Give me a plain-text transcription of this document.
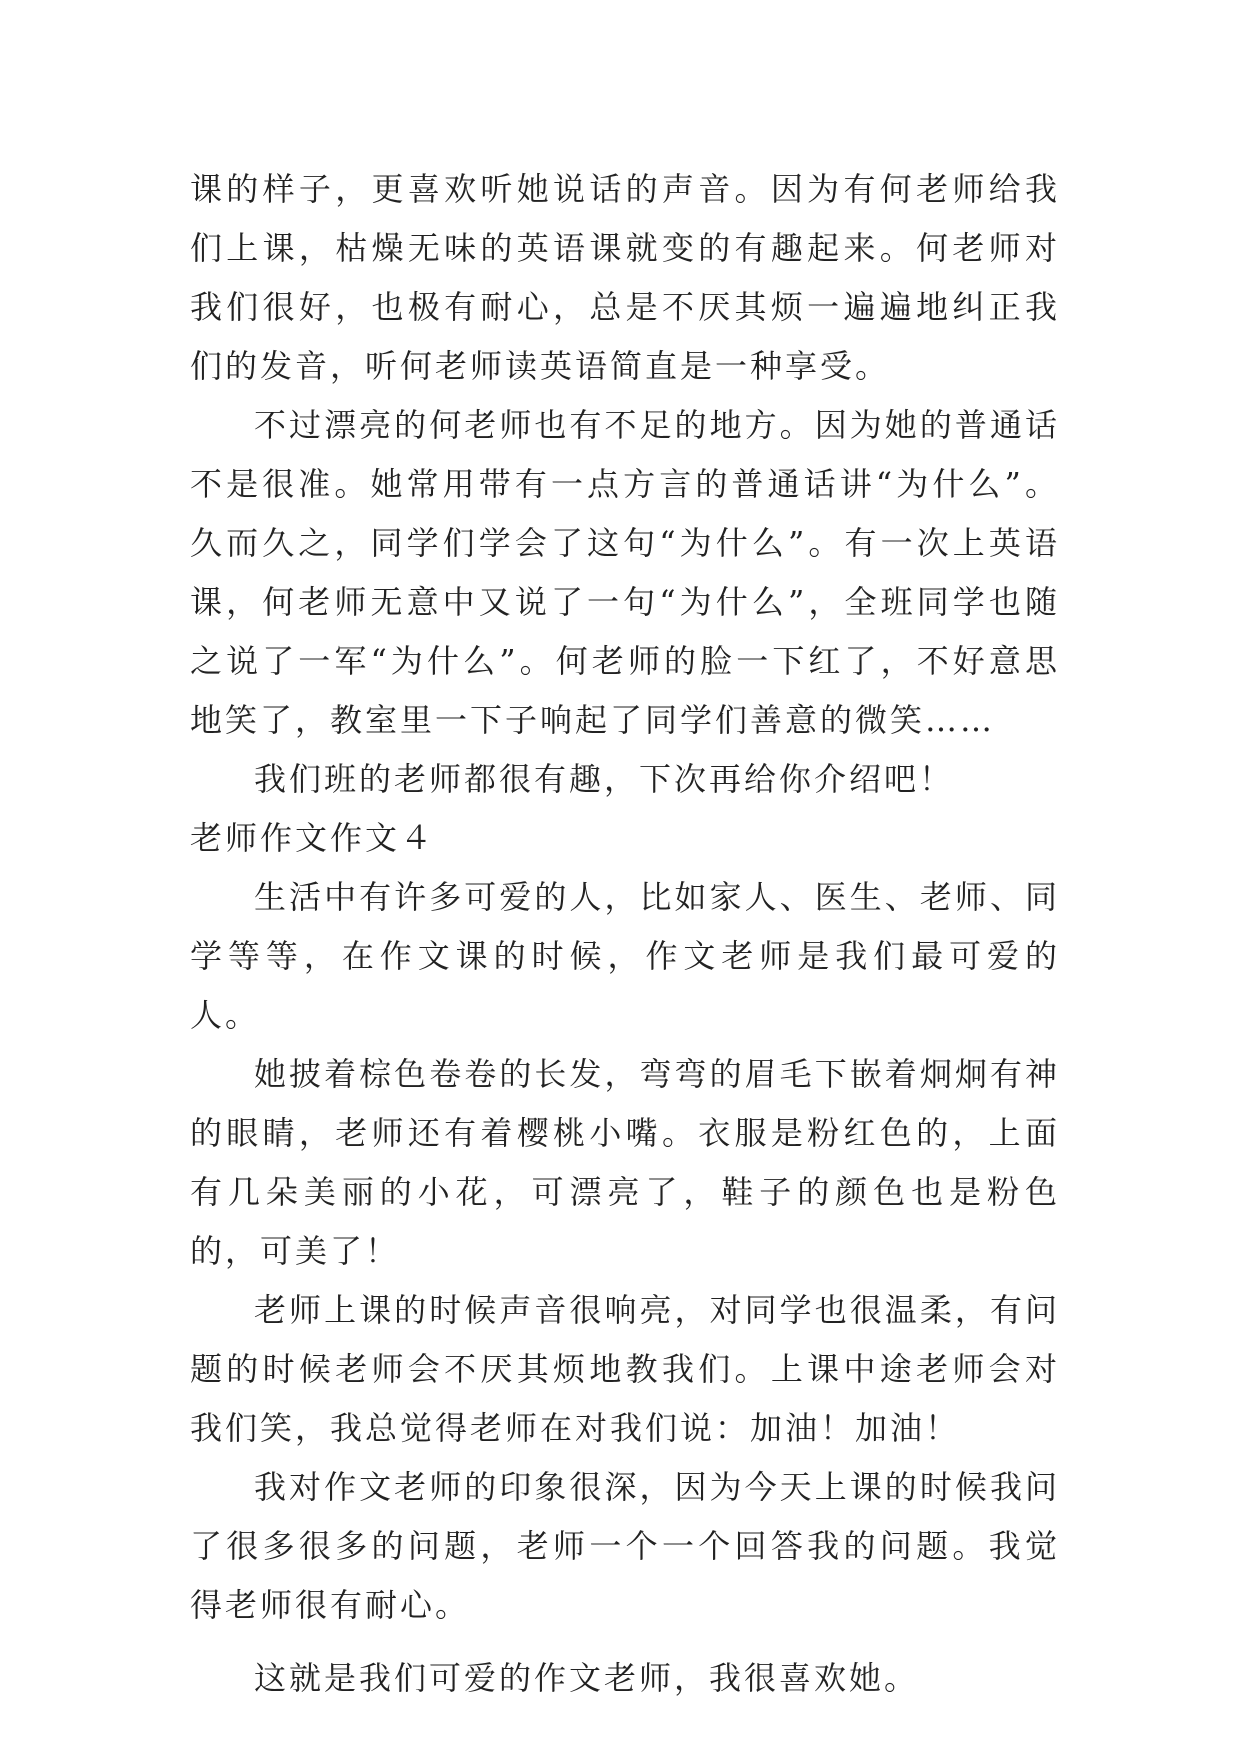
课的样子，更喜欢听她说话的声音。因为有何老师给我们上课，枯燥无味的英语课就变的有趣起来。何老师对我们很好，也极有耐心，总是不厌其烦一遍遍地纠正我们的发音，听何老师读英语简直是一种享受。

不过漂亮的何老师也有不足的地方。因为她的普通话不是很准。她常用带有一点方言的普通话讲“为什么”。久而久之，同学们学会了这句“为什么”。有一次上英语课，何老师无意中又说了一句“为什么”，全班同学也随之说了一军“为什么”。何老师的脸一下红了，不好意思地笑了，教室里一下子响起了同学们善意的微笑……

我们班的老师都很有趣，下次再给你介绍吧！

老师作文作文４

生活中有许多可爱的人，比如家人、医生、老师、同学等等，在作文课的时候，作文老师是我们最可爱的人。

她披着棕色卷卷的长发，弯弯的眉毛下嵌着炯炯有神的眼睛，老师还有着樱桃小嘴。衣服是粉红色的，上面有几朵美丽的小花，可漂亮了，鞋子的颜色也是粉色的，可美了！

老师上课的时候声音很响亮，对同学也很温柔，有问题的时候老师会不厌其烦地教我们。上课中途老师会对我们笑，我总觉得老师在对我们说：加油！加油！

我对作文老师的印象很深，因为今天上课的时候我问了很多很多的问题，老师一个一个回答我的问题。我觉得老师很有耐心。

这就是我们可爱的作文老师，我很喜欢她。
